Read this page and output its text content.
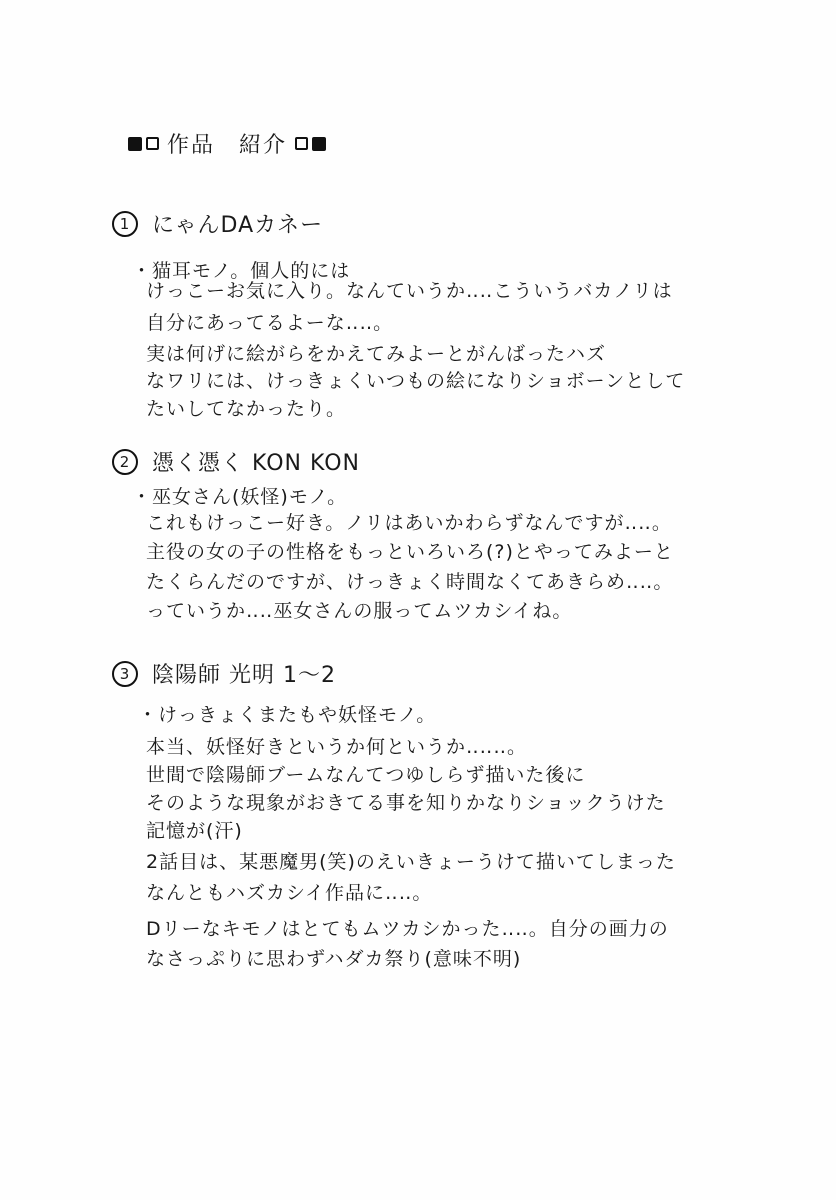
作品　紹介
1 にゃんDAカネー
・猫耳モノ。個人的には
けっこーお気に入り。なんていうか‥‥こういうバカノリは
自分にあってるよーな‥‥。
実は何げに絵がらをかえてみよーとがんばったハズ
なワリには、けっきょくいつもの絵になりショボーンとして
たいしてなかったり。
2 憑く憑く KON KON
・巫女さん(妖怪)モノ。
これもけっこー好き。ノリはあいかわらずなんですが‥‥。
主役の女の子の性格をもっといろいろ(?)とやってみよーと
たくらんだのですが、けっきょく時間なくてあきらめ‥‥。
っていうか‥‥巫女さんの服ってムツカシイね。
3 陰陽師 光明 1〜2
・けっきょくまたもや妖怪モノ。
本当、妖怪好きというか何というか‥‥‥。
世間で陰陽師ブームなんてつゆしらず描いた後に
そのような現象がおきてる事を知りかなりショックうけた
記憶が(汗)
2話目は、某悪魔男(笑)のえいきょーうけて描いてしまった
なんともハズカシイ作品に‥‥。
Dリーなキモノはとてもムツカシかった‥‥。自分の画力の
なさっぷりに思わずハダカ祭り(意味不明)
